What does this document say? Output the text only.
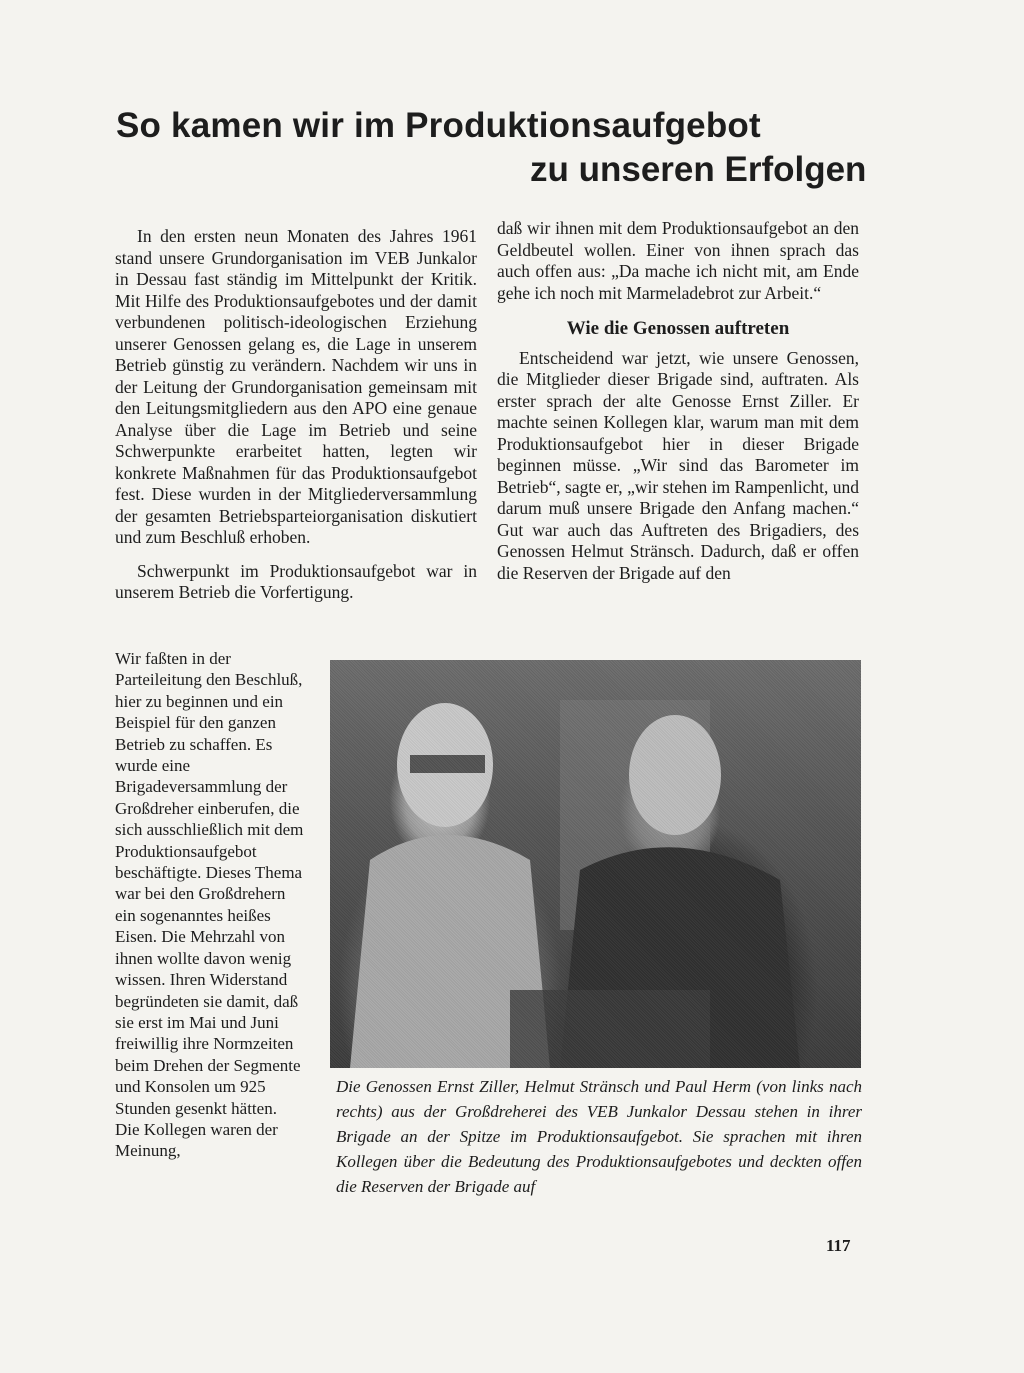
So kamen wir im Produktionsaufgebot
zu unseren Erfolgen

In den ersten neun Monaten des Jahres 1961 stand unsere Grundorganisation im VEB Junkalor in Dessau fast ständig im Mittelpunkt der Kritik. Mit Hilfe des Produktionsaufgebotes und der damit verbundenen politisch-ideologischen Erziehung unserer Genossen gelang es, die Lage in unserem Betrieb günstig zu verändern. Nachdem wir uns in der Leitung der Grundorganisation gemeinsam mit den Leitungsmitgliedern aus den APO eine genaue Analyse über die Lage im Betrieb und seine Schwerpunkte erarbeitet hatten, legten wir konkrete Maßnahmen für das Produktionsaufgebot fest. Diese wurden in der Mitgliederversammlung der gesamten Betriebsparteiorganisation diskutiert und zum Beschluß erhoben.

Schwerpunkt im Produktionsaufgebot war in unserem Betrieb die Vorfertigung.

Wir faßten in der Parteileitung den Beschluß, hier zu beginnen und ein Beispiel für den ganzen Betrieb zu schaffen. Es wurde eine Brigadeversammlung der Großdreher einberufen, die sich ausschließlich mit dem Produktionsaufgebot beschäftigte. Dieses Thema war bei den Großdrehern ein sogenanntes heißes Eisen. Die Mehrzahl von ihnen wollte davon wenig wissen. Ihren Widerstand begründeten sie damit, daß sie erst im Mai und Juni freiwillig ihre Normzeiten beim Drehen der Segmente und Konsolen um 925 Stunden gesenkt hätten. Die Kollegen waren der Meinung,

daß wir ihnen mit dem Produktionsaufgebot an den Geldbeutel wollen. Einer von ihnen sprach das auch offen aus: „Da mache ich nicht mit, am Ende gehe ich noch mit Marmeladebrot zur Arbeit.“

Wie die Genossen auftreten

Entscheidend war jetzt, wie unsere Genossen, die Mitglieder dieser Brigade sind, auftraten. Als erster sprach der alte Genosse Ernst Ziller. Er machte seinen Kollegen klar, warum man mit dem Produktionsaufgebot hier in dieser Brigade beginnen müsse. „Wir sind das Barometer im Betrieb“, sagte er, „wir stehen im Rampenlicht, und darum muß unsere Brigade den Anfang machen.“ Gut war auch das Auftreten des Brigadiers, des Genossen Helmut Stränsch. Dadurch, daß er offen die Reserven der Brigade auf den

Die Genossen Ernst Ziller, Helmut Stränsch und Paul Herm (von links nach rechts) aus der Großdreherei des VEB Junkalor Dessau stehen in ihrer Brigade an der Spitze im Produktionsaufgebot. Sie sprachen mit ihren Kollegen über die Bedeutung des Produktionsaufgebotes und deckten offen die Reserven der Brigade auf
117
